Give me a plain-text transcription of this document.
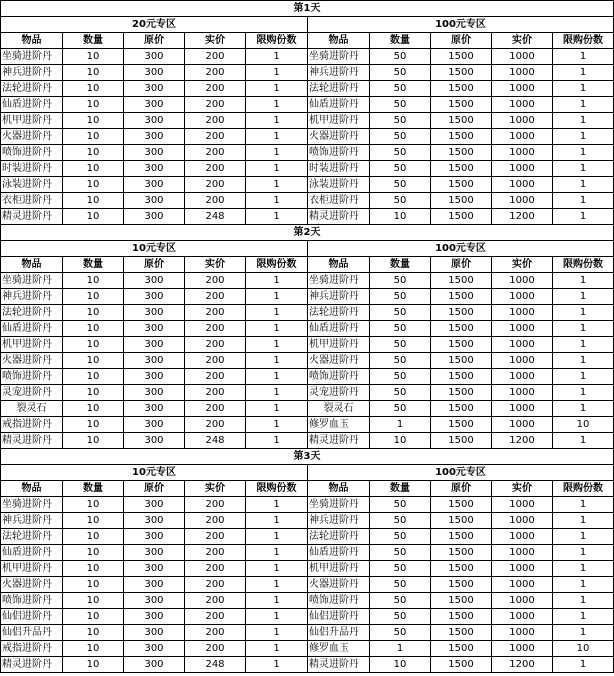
第1天									
20元专区					100元专区				
物品	数量	原价	实价	限购份数	物品	数量	原价	实价	限购份数
坐骑进阶丹	10	300	200	1	坐骑进阶丹	50	1500	1000	1
神兵进阶丹	10	300	200	1	神兵进阶丹	50	1500	1000	1
法轮进阶丹	10	300	200	1	法轮进阶丹	50	1500	1000	1
仙盾进阶丹	10	300	200	1	仙盾进阶丹	50	1500	1000	1
机甲进阶丹	10	300	200	1	机甲进阶丹	50	1500	1000	1
火器进阶丹	10	300	200	1	火器进阶丹	50	1500	1000	1
喷饰进阶丹	10	300	200	1	喷饰进阶丹	50	1500	1000	1
时装进阶丹	10	300	200	1	时装进阶丹	50	1500	1000	1
泳装进阶丹	10	300	200	1	泳装进阶丹	50	1500	1000	1
衣柜进阶丹	10	300	200	1	衣柜进阶丹	50	1500	1000	1
精灵进阶丹	10	300	248	1	精灵进阶丹	10	1500	1200	1
第2天									
10元专区					100元专区				
物品	数量	原价	实价	限购份数	物品	数量	原价	实价	限购份数
坐骑进阶丹	10	300	200	1	坐骑进阶丹	50	1500	1000	1
神兵进阶丹	10	300	200	1	神兵进阶丹	50	1500	1000	1
法轮进阶丹	10	300	200	1	法轮进阶丹	50	1500	1000	1
仙盾进阶丹	10	300	200	1	仙盾进阶丹	50	1500	1000	1
机甲进阶丹	10	300	200	1	机甲进阶丹	50	1500	1000	1
火器进阶丹	10	300	200	1	火器进阶丹	50	1500	1000	1
喷饰进阶丹	10	300	200	1	喷饰进阶丹	50	1500	1000	1
灵宠进阶丹	10	300	200	1	灵宠进阶丹	50	1500	1000	1
裂灵石	10	300	200	1	裂灵石	50	1500	1000	1
戒指进阶丹	10	300	200	1	修罗血玉	1	1500	1000	10
精灵进阶丹	10	300	248	1	精灵进阶丹	10	1500	1200	1
第3天									
10元专区					100元专区				
物品	数量	原价	实价	限购份数	物品	数量	原价	实价	限购份数
坐骑进阶丹	10	300	200	1	坐骑进阶丹	50	1500	1000	1
神兵进阶丹	10	300	200	1	神兵进阶丹	50	1500	1000	1
法轮进阶丹	10	300	200	1	法轮进阶丹	50	1500	1000	1
仙盾进阶丹	10	300	200	1	仙盾进阶丹	50	1500	1000	1
机甲进阶丹	10	300	200	1	机甲进阶丹	50	1500	1000	1
火器进阶丹	10	300	200	1	火器进阶丹	50	1500	1000	1
喷饰进阶丹	10	300	200	1	喷饰进阶丹	50	1500	1000	1
仙侣进阶丹	10	300	200	1	仙侣进阶丹	50	1500	1000	1
仙侣升品丹	10	300	200	1	仙侣升品丹	50	1500	1000	1
戒指进阶丹	10	300	200	1	修罗血玉	1	1500	1000	10
精灵进阶丹	10	300	248	1	精灵进阶丹	10	1500	1200	1
